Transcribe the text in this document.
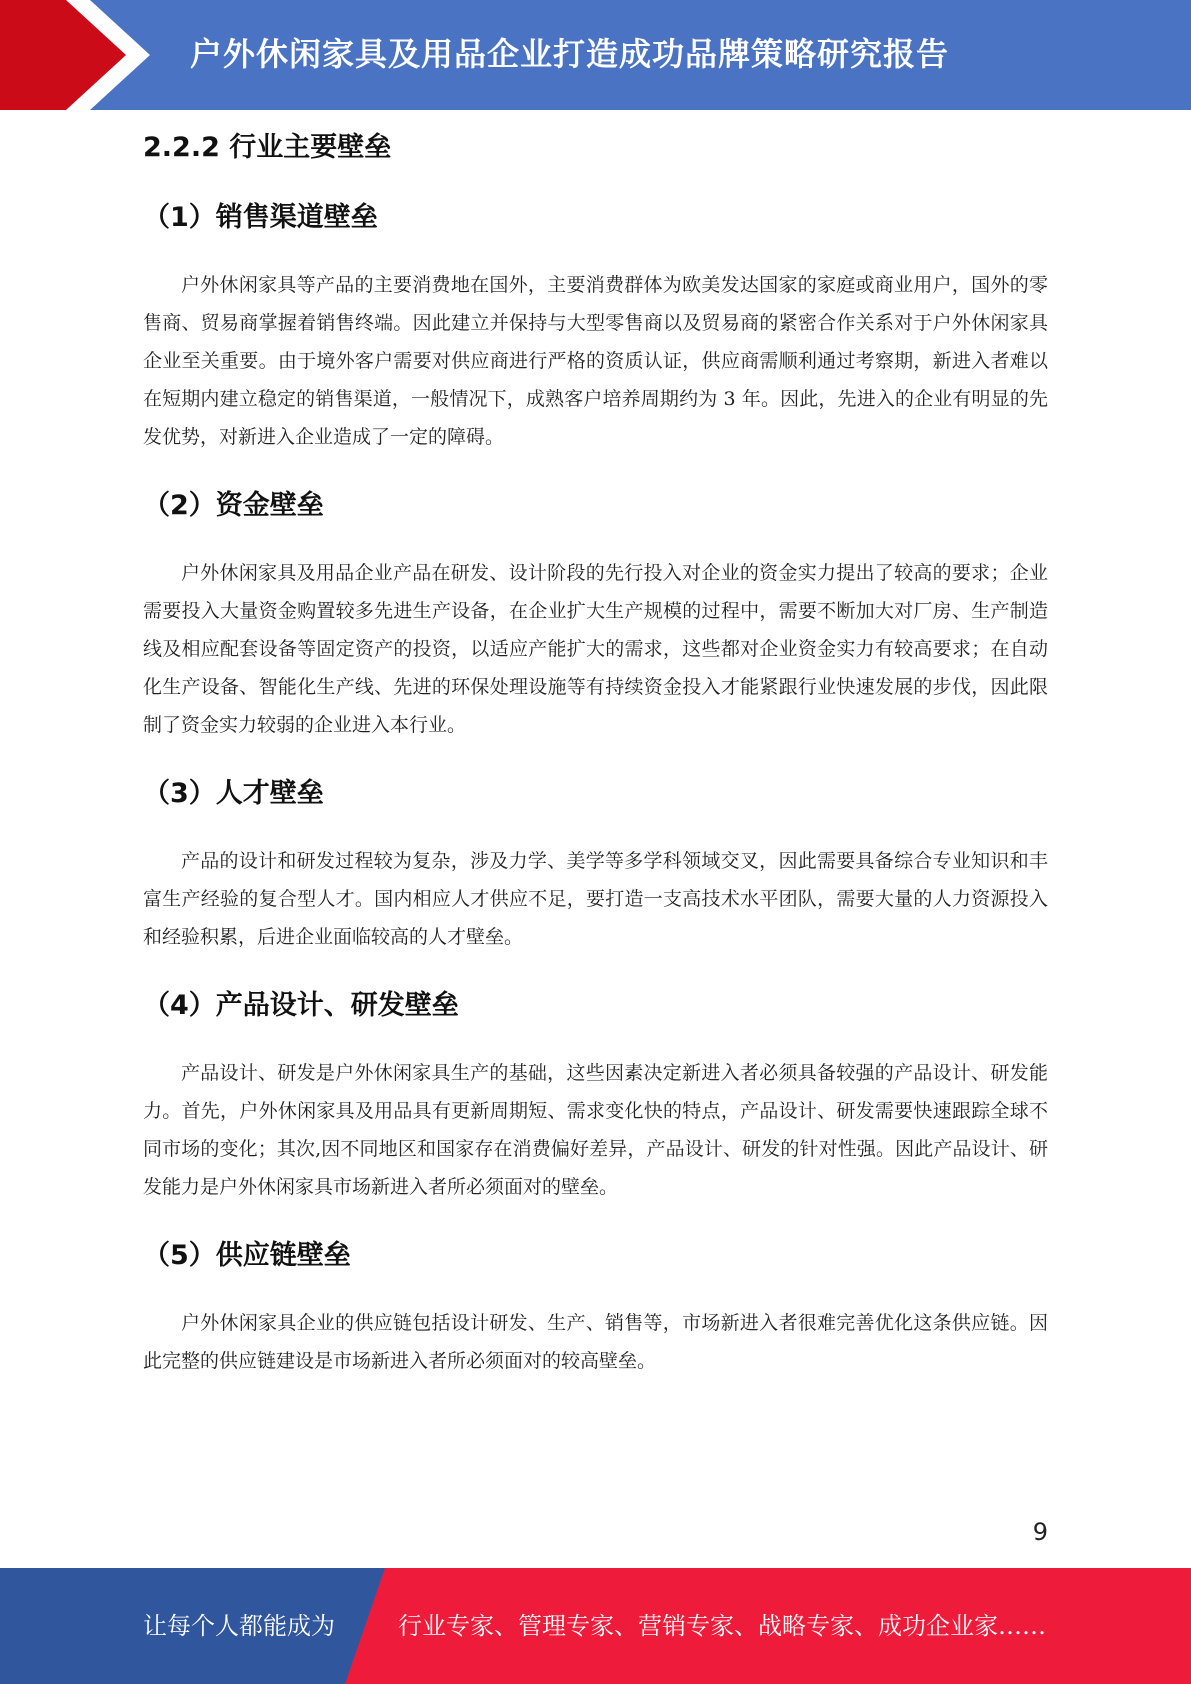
户外休闲家具及用品企业打造成功品牌策略研究报告
2.2.2 行业主要壁垒
（1）销售渠道壁垒

户外休闲家具等产品的主要消费地在国外，主要消费群体为欧美发达国家的家庭或商业用户，国外的零售商、贸易商掌握着销售终端。因此建立并保持与大型零售商以及贸易商的紧密合作关系对于户外休闲家具企业至关重要。由于境外客户需要对供应商进行严格的资质认证，供应商需顺利通过考察期，新进入者难以在短期内建立稳定的销售渠道，一般情况下，成熟客户培养周期约为 3 年。因此，先进入的企业有明显的先发优势，对新进入企业造成了一定的障碍。

（2）资金壁垒

户外休闲家具及用品企业产品在研发、设计阶段的先行投入对企业的资金实力提出了较高的要求；企业需要投入大量资金购置较多先进生产设备，在企业扩大生产规模的过程中，需要不断加大对厂房、生产制造线及相应配套设备等固定资产的投资，以适应产能扩大的需求，这些都对企业资金实力有较高要求；在自动化生产设备、智能化生产线、先进的环保处理设施等有持续资金投入才能紧跟行业快速发展的步伐，因此限制了资金实力较弱的企业进入本行业。

（3）人才壁垒

产品的设计和研发过程较为复杂，涉及力学、美学等多学科领域交叉，因此需要具备综合专业知识和丰富生产经验的复合型人才。国内相应人才供应不足，要打造一支高技术水平团队，需要大量的人力资源投入和经验积累，后进企业面临较高的人才壁垒。

（4）产品设计、研发壁垒

产品设计、研发是户外休闲家具生产的基础，这些因素决定新进入者必须具备较强的产品设计、研发能力。首先，户外休闲家具及用品具有更新周期短、需求变化快的特点，产品设计、研发需要快速跟踪全球不同市场的变化；其次,因不同地区和国家存在消费偏好差异，产品设计、研发的针对性强。因此产品设计、研发能力是户外休闲家具市场新进入者所必须面对的壁垒。

（5）供应链壁垒

户外休闲家具企业的供应链包括设计研发、生产、销售等，市场新进入者很难完善优化这条供应链。因此完整的供应链建设是市场新进入者所必须面对的较高壁垒。

9
让每个人都能成为	行业专家、管理专家、营销专家、战略专家、成功企业家……
